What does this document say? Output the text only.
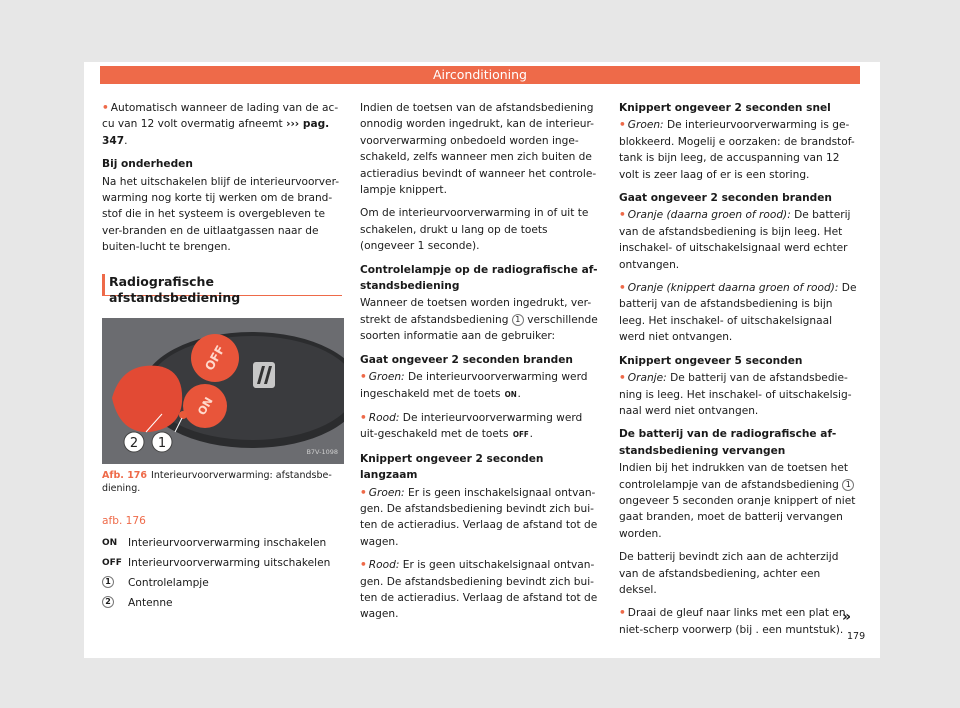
Airconditioning

• Automatisch wanneer de lading van de ac-cu van 12 volt overmatig afneemt ››› pag. 347.

Bij onderheden

Na het uitschakelen blijf de interieurvoorver-warming nog korte tij werken om de brand-stof die in het systeem is overgebleven te ver-branden en de uitlaatgassen naar de buiten-lucht te brengen.

Radiografische afstandsbediening
OFF
ON
2 1
B7V-1098
Afb. 176 Interieurvoorverwarming: afstandsbe-diening.
afb. 176
ON	Interieurvoorverwarming inschakelen
OFF Interieurvoorverwarming uitschakelen
1	Controlelampje
2	Antenne

Indien de toetsen van de afstandsbediening onnodig worden ingedrukt, kan de interieur-voorverwarming onbedoeld worden inge-schakeld, zelfs wanneer men zich buiten de actieradius bevindt of wanneer het controle-lampje knippert.

Om de interieurvoorverwarming in of uit te schakelen, drukt u lang op de toets (ongeveer 1 seconde).

Controlelampje op de radiografische af-standsbediening

Wanneer de toetsen worden ingedrukt, ver-strekt de afstandsbediening 1 verschillende soorten informatie aan de gebruiker:

Gaat ongeveer 2 seconden branden

• Groen: De interieurvoorverwarming werd ingeschakeld met de toets ON.

• Rood: De interieurvoorverwarming werd uit-geschakeld met de toets OFF.

Knippert ongeveer 2 seconden langzaam

• Groen: Er is geen inschakelsignaal ontvan-gen. De afstandsbediening bevindt zich bui-ten de actieradius. Verlaag de afstand tot de wagen.

• Rood: Er is geen uitschakelsignaal ontvan-gen. De afstandsbediening bevindt zich bui-ten de actieradius. Verlaag de afstand tot de wagen.

Knippert ongeveer 2 seconden snel

• Groen: De interieurvoorverwarming is ge-blokkeerd. Mogelij e oorzaken: de brandstof-tank is bijn leeg, de accuspanning van 12 volt is zeer laag of er is een storing.

Gaat ongeveer 2 seconden branden

• Oranje (daarna groen of rood): De batterij van de afstandsbediening is bijn leeg. Het inschakel- of uitschakelsignaal werd echter ontvangen.

• Oranje (knippert daarna groen of rood): De batterij van de afstandsbediening is bijn leeg. Het inschakel- of uitschakelsignaal werd niet ontvangen.

Knippert ongeveer 5 seconden

• Oranje: De batterij van de afstandsbedie-ning is leeg. Het inschakel- of uitschakelsig-naal werd niet ontvangen.

De batterij van de radiografische af-standsbediening vervangen

Indien bij het indrukken van de toetsen het controlelampje van de afstandsbediening 1 ongeveer 5 seconden oranje knippert of niet gaat branden, moet de batterij vervangen worden.

De batterij bevindt zich aan de achterzijd van de afstandsbediening, achter een deksel.

• Draai de gleuf naar links met een plat en niet-scherp voorwerp (bij . een muntstuk).

»
179
